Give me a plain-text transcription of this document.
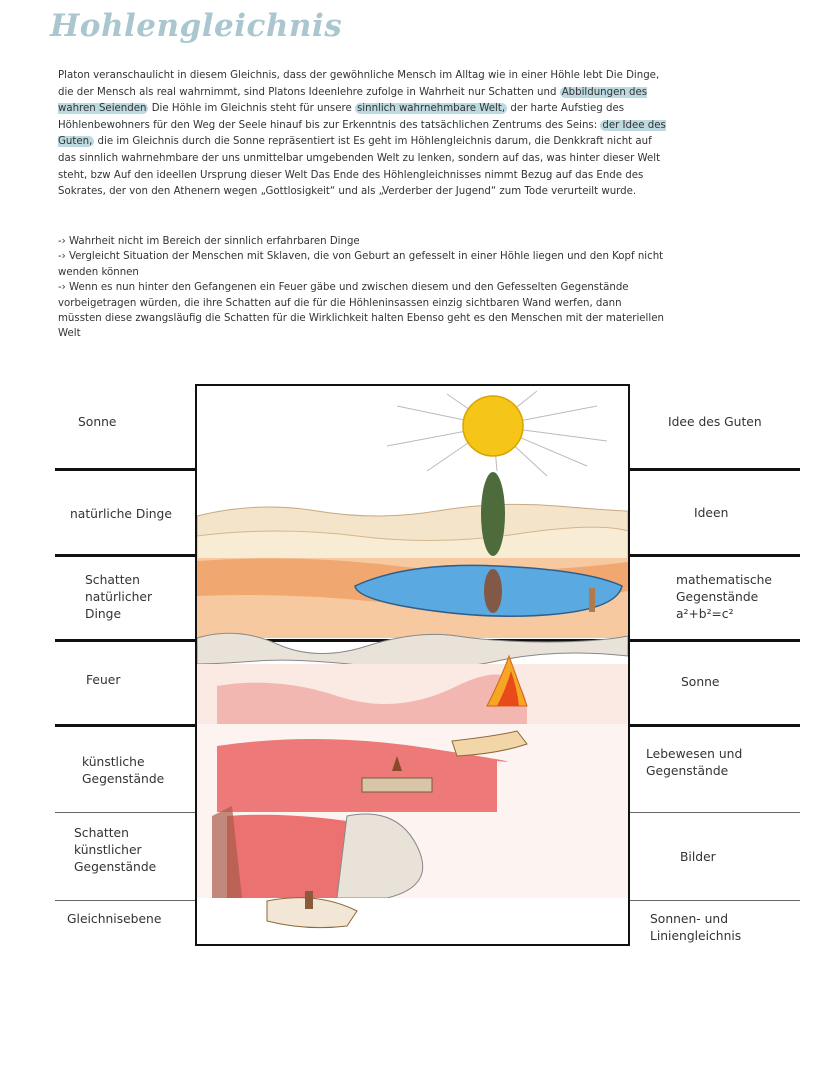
Hohlengleichnis
Platon veranschaulicht in diesem Gleichnis, dass der gewöhnliche Mensch im Alltag wie in einer Höhle lebt Die Dinge, die der Mensch als real wahrnimmt, sind Platons Ideenlehre zufolge in Wahrheit nur Schatten und Abbildungen des wahren Seienden Die Höhle im Gleichnis steht für unsere sinnlich wahrnehmbare Welt, der harte Aufstieg des Höhlenbewohners für den Weg der Seele hinauf bis zur Erkenntnis des tatsächlichen Zentrums des Seins: der Idee des Guten, die im Gleichnis durch die Sonne repräsentiert ist Es geht im Höhlengleichnis darum, die Denkkraft nicht auf das sinnlich wahrnehmbare der uns unmittelbar umgebenden Welt zu lenken, sondern auf das, was hinter dieser Welt steht, bzw Auf den ideellen Ursprung dieser Welt Das Ende des Höhlengleichnisses nimmt Bezug auf das Ende des Sokrates, der von den Athenern wegen „Gottlosigkeit“ und als „Verderber der Jugend“ zum Tode verurteilt wurde.

-› Wahrheit nicht im Bereich der sinnlich erfahrbaren Dinge

-› Vergleicht Situation der Menschen mit Sklaven, die von Geburt an gefesselt in einer Höhle liegen und den Kopf nicht wenden können

-› Wenn es nun hinter den Gefangenen ein Feuer gäbe und zwischen diesem und den Gefesselten Gegenstände vorbeigetragen würden, die ihre Schatten auf die für die Höhleninsassen einzig sichtbaren Wand werfen, dann müssten diese zwangsläufig die Schatten für die Wirklichkeit halten Ebenso geht es den Menschen mit der materiellen Welt

Sonne
natürliche Dinge
Schatten
natürlicher
Dinge
Feuer
künstliche
Gegenstände
Schatten
künstlicher
Gegenstände
Gleichnisebene
Idee des Guten
Ideen
mathematische
Gegenstände
a²+b²=c²
Sonne
Lebewesen und
Gegenstände
Bilder
Sonnen- und
Liniengleichnis
